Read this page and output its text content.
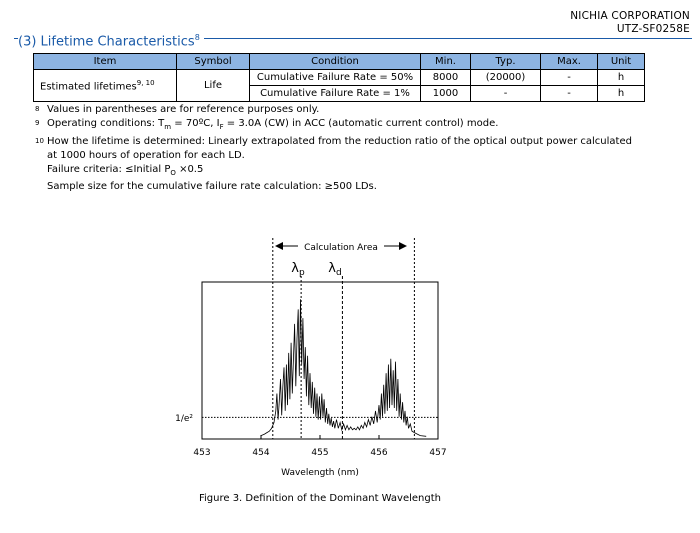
NICHIA CORPORATION
UTZ-SF0258E
(3) Lifetime Characteristics$^8$
Item	Symbol	Condition	Min.	Typ.	Max.	Unit
Estimated lifetimes$^{9, 10}$	Life	Cumulative Failure Rate = 50%	8000	(20000)	-	h
		Cumulative Failure Rate = 1%	1000	-	-	h
8 Values in parentheses are for reference purposes only.
9 Operating conditions: $T_m$ = 70ºC, $I_F = 3.0A$ (CW) in ACC (automatic current control) mode.
10 How the lifetime is determined: Linearly extrapolated from the reduction ratio of the optical output power calculated
at 1000 hours of operation for each LD.
Failure criteria: ≤Initial $P_O \times 0.5$
Sample size for the cumulative failure rate calculation: ≥500 LDs.
Calculation Area
$\lambda_p$ $\lambda_d$
1/e²
Wavelength (nm)
453	454	455	456	457
Figure 3. Definition of the Dominant Wavelength
